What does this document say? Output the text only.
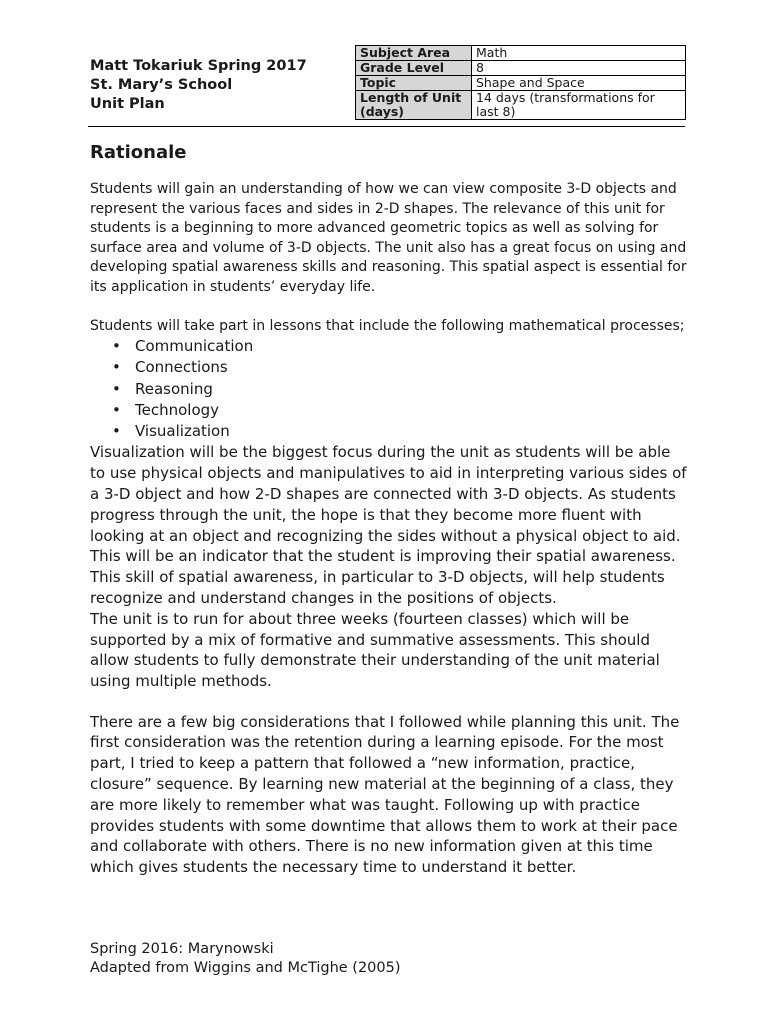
Matt Tokariuk Spring 2017
St. Mary’s School
Unit Plan
Subject Area	Math
Grade Level	8
Topic	Shape and Space
Length of Unit (days)	14 days (transformations for last 8)
Rationale

Students will gain an understanding of how we can view composite 3-D objects and represent the various faces and sides in 2-D shapes. The relevance of this unit for students is a beginning to more advanced geometric topics as well as solving for surface area and volume of 3-D objects. The unit also has a great focus on using and developing spatial awareness skills and reasoning. This spatial aspect is essential for its application in students’ everyday life.

Students will take part in lessons that include the following mathematical processes;

• Communication
• Connections
• Reasoning
• Technology
• Visualization

Visualization will be the biggest focus during the unit as students will be able to use physical objects and manipulatives to aid in interpreting various sides of a 3-D object and how 2-D shapes are connected with 3-D objects. As students progress through the unit, the hope is that they become more fluent with looking at an object and recognizing the sides without a physical object to aid. This will be an indicator that the student is improving their spatial awareness. This skill of spatial awareness, in particular to 3-D objects, will help students recognize and understand changes in the positions of objects.

The unit is to run for about three weeks (fourteen classes) which will be supported by a mix of formative and summative assessments. This should allow students to fully demonstrate their understanding of the unit material using multiple methods.

There are a few big considerations that I followed while planning this unit. The first consideration was the retention during a learning episode. For the most part, I tried to keep a pattern that followed a “new information, practice, closure” sequence. By learning new material at the beginning of a class, they are more likely to remember what was taught. Following up with practice provides students with some downtime that allows them to work at their pace and collaborate with others. There is no new information given at this time which gives students the necessary time to understand it better.

Spring 2016: Marynowski
Adapted from Wiggins and McTighe (2005)
